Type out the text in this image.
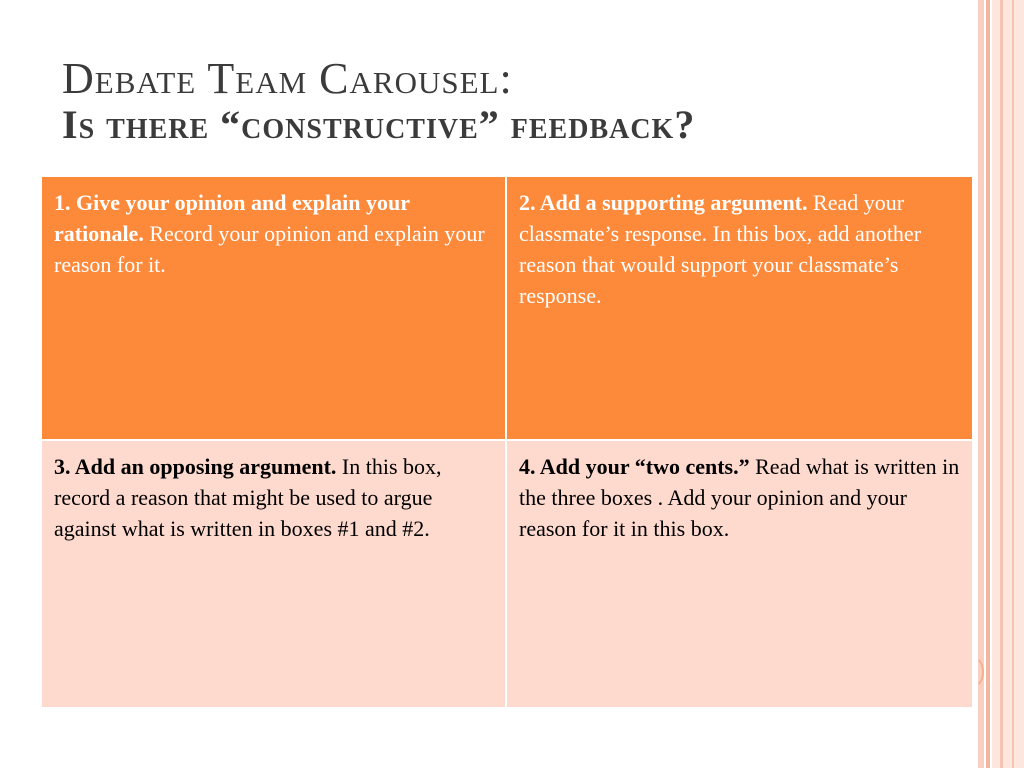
Debate Team Carousel:
Is there “constructive” feedback?
1. Give your opinion and explain your rationale. Record your opinion and explain your reason for it.
2. Add a supporting argument. Read your classmate’s response. In this box, add another reason that would support your classmate’s response.
3. Add an opposing argument. In this box, record a reason that might be used to argue against what is written in boxes #1 and #2.
4. Add your “two cents.” Read what is written in the three boxes . Add your opinion and your reason for it in this box.
